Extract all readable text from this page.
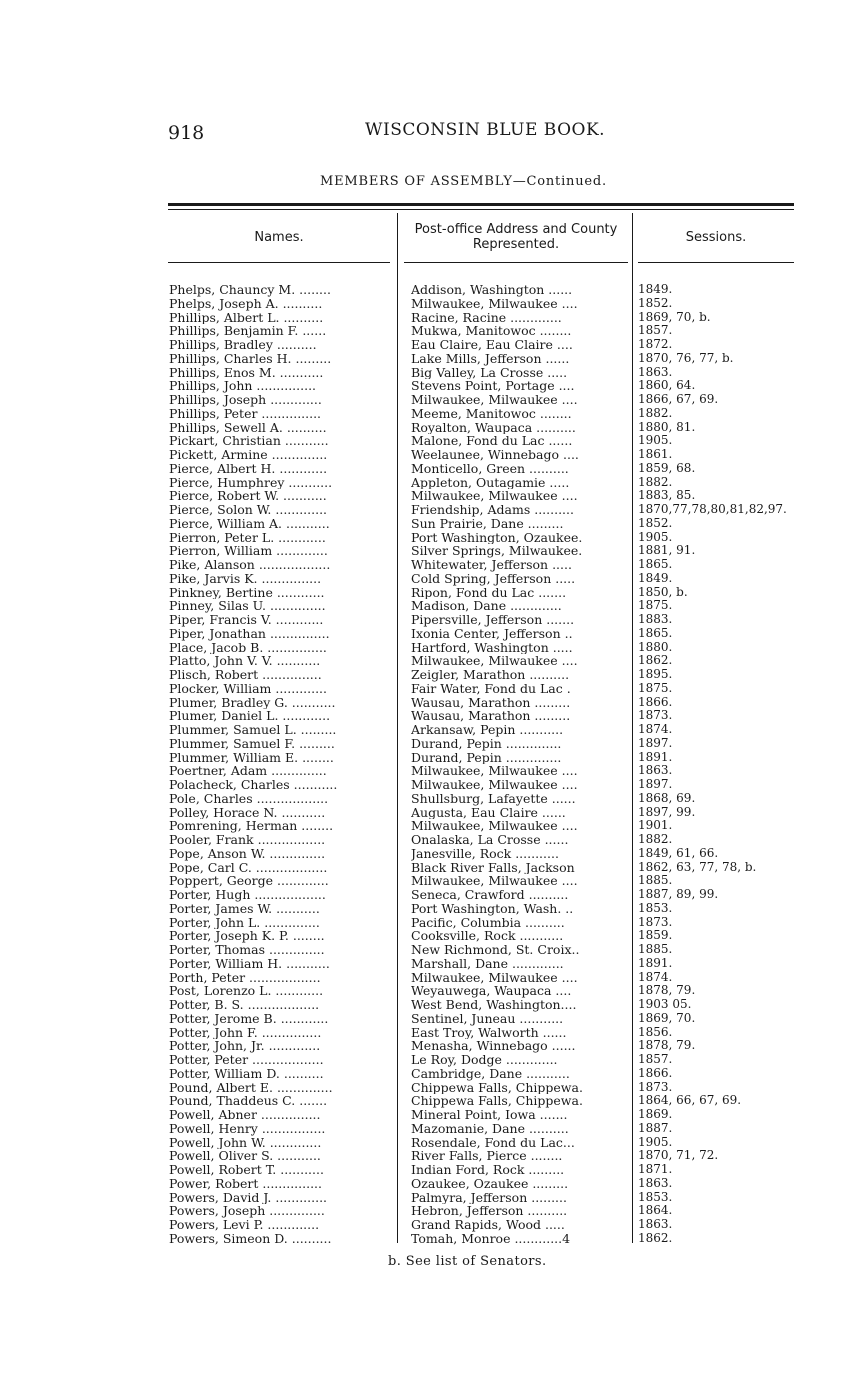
918	WISCONSIN BLUE BOOK.
MEMBERS OF ASSEMBLY—Continued.
Names.
Post-office Address and County Represented.	Sessions.
Phelps, Chauncy M. ........	Addison, Washington ......	1849.
Phelps, Joseph A. ..........	Milwaukee, Milwaukee ....	1852.
Phillips, Albert L. ..........	Racine, Racine .............	1869, 70, b.
Phillips, Benjamin F. ......	Mukwa, Manitowoc ........	1857.
Phillips, Bradley ..........	Eau Claire, Eau Claire ....	1872.
Phillips, Charles H. .........	Lake Mills, Jefferson ......	1870, 76, 77, b.
Phillips, Enos M. ...........	Big Valley, La Crosse .....	1863.
Phillips, John ...............	Stevens Point, Portage ....	1860, 64.
Phillips, Joseph .............	Milwaukee, Milwaukee ....	1866, 67, 69.
Phillips, Peter ...............	Meeme, Manitowoc ........	1882.
Phillips, Sewell A. ..........	Royalton, Waupaca ..........	1880, 81.
Pickart, Christian ...........	Malone, Fond du Lac ......	1905.
Pickett, Armine ..............	Weelaunee, Winnebago ....	1861.
Pierce, Albert H. ............	Monticello, Green ..........	1859, 68.
Pierce, Humphrey ...........	Appleton, Outagamie .....	1882.
Pierce, Robert W. ...........	Milwaukee, Milwaukee ....	1883, 85.
Pierce, Solon W. .............	Friendship, Adams ..........	1870,77,78,80,81,82,97.
Pierce, William A. ...........	Sun Prairie, Dane .........	1852.
Pierron, Peter L. ............	Port Washington, Ozaukee.	1905.
Pierron, William .............	Silver Springs, Milwaukee.	1881, 91.
Pike, Alanson ..................	Whitewater, Jefferson .....	1865.
Pike, Jarvis K. ...............	Cold Spring, Jefferson .....	1849.
Pinkney, Bertine ............	Ripon, Fond du Lac .......	1850, b.
Pinney, Silas U. ..............	Madison, Dane .............	1875.
Piper, Francis V. ............	Pipersville, Jefferson .......	1883.
Piper, Jonathan ...............	Ixonia Center, Jefferson ..	1865.
Place, Jacob B. ...............	Hartford, Washington .....	1880.
Platto, John V. V. ...........	Milwaukee, Milwaukee ....	1862.
Plisch, Robert ...............	Zeigler, Marathon ..........	1895.
Plocker, William .............	Fair Water, Fond du Lac .	1875.
Plumer, Bradley G. ...........	Wausau, Marathon .........	1866.
Plumer, Daniel L. ............	Wausau, Marathon .........	1873.
Plummer, Samuel L. .........	Arkansaw, Pepin ...........	1874.
Plummer, Samuel F. .........	Durand, Pepin ..............	1897.
Plummer, William E. ........	Durand, Pepin ..............	1891.
Poertner, Adam ..............	Milwaukee, Milwaukee ....	1863.
Polacheck, Charles ...........	Milwaukee, Milwaukee ....	1897.
Pole, Charles ..................	Shullsburg, Lafayette ......	1868, 69.
Polley, Horace N. ...........	Augusta, Eau Claire ......	1897, 99.
Pomrening, Herman ........	Milwaukee, Milwaukee ....	1901.
Pooler, Frank .................	Onalaska, La Crosse ......	1882.
Pope, Anson W. ..............	Janesville, Rock ...........	1849, 61, 66.
Pope, Carl C. ..................	Black River Falls, Jackson	1862, 63, 77, 78, b.
Poppert, George .............	Milwaukee, Milwaukee ....	1885.
Porter, Hugh ..................	Seneca, Crawford ..........	1887, 89, 99.
Porter, James W. ...........	Port Washington, Wash. ..	1853.
Porter, John L. ..............	Pacific, Columbia ..........	1873.
Porter, Joseph K. P. ........	Cooksville, Rock ...........	1859.
Porter, Thomas ..............	New Richmond, St. Croix..	1885.
Porter, William H. ...........	Marshall, Dane .............	1891.
Porth, Peter ..................	Milwaukee, Milwaukee ....	1874.
Post, Lorenzo L. ............	Weyauwega, Waupaca ....	1878, 79.
Potter, B. S. ..................	West Bend, Washington....	1903 05.
Potter, Jerome B. ............	Sentinel, Juneau ...........	1869, 70.
Potter, John F. ...............	East Troy, Walworth ......	1856.
Potter, John, Jr. .............	Menasha, Winnebago ......	1878, 79.
Potter, Peter ..................	Le Roy, Dodge .............	1857.
Potter, William D. ..........	Cambridge, Dane ...........	1866.
Pound, Albert E. ..............	Chippewa Falls, Chippewa.	1873.
Pound, Thaddeus C. .......	Chippewa Falls, Chippewa.	1864, 66, 67, 69.
Powell, Abner ...............	Mineral Point, Iowa .......	1869.
Powell, Henry ................	Mazomanie, Dane ..........	1887.
Powell, John W. .............	Rosendale, Fond du Lac...	1905.
Powell, Oliver S. ...........	River Falls, Pierce ........	1870, 71, 72.
Powell, Robert T. ...........	Indian Ford, Rock .........	1871.
Power, Robert ...............	Ozaukee, Ozaukee .........	1863.
Powers, David J. .............	Palmyra, Jefferson .........	1853.
Powers, Joseph ..............	Hebron, Jefferson ..........	1864.
Powers, Levi P. .............	Grand Rapids, Wood .....	1863.
Powers, Simeon D. ..........	Tomah, Monroe ............4	1862.
b. See list of Senators.
